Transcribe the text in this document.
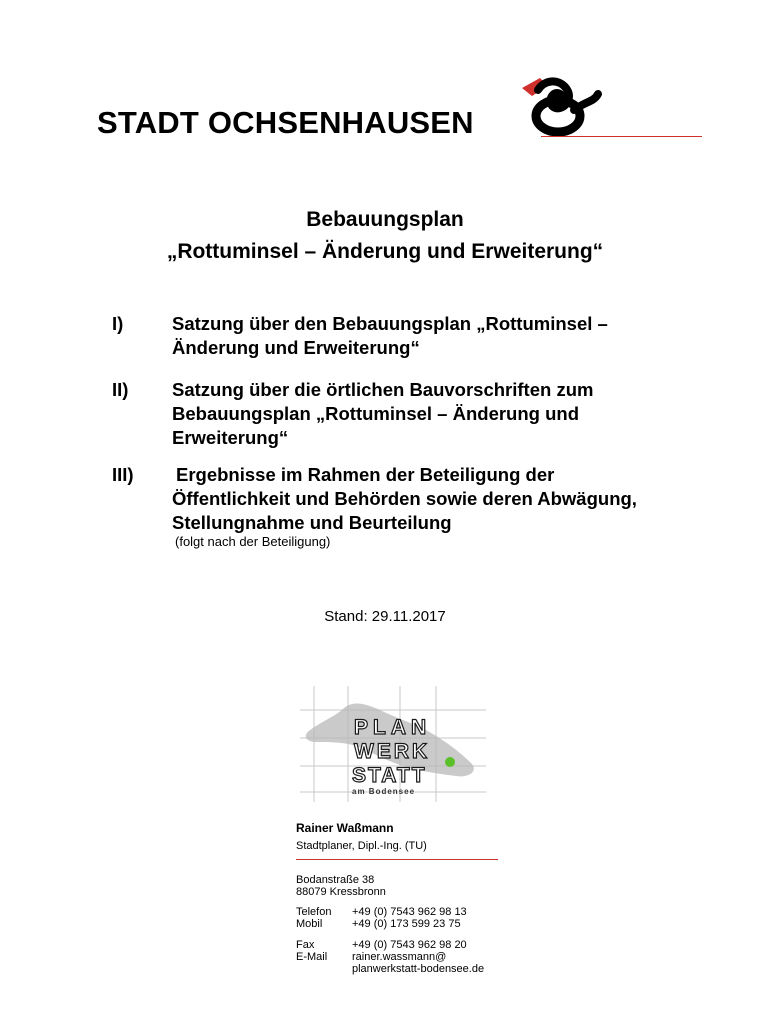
STADT OCHSENHAUSEN
Bebauungsplan
„Rottuminsel – Änderung und Erweiterung“
I)	Satzung über den Bebauungsplan „Rottuminsel –
Änderung und Erweiterung“
II) Satzung über die örtlichen Bauvorschriften zum
Bebauungsplan „Rottuminsel – Änderung und
Erweiterung“
III) Ergebnisse im Rahmen der Beteiligung der
Öffentlichkeit und Behörden sowie deren Abwägung,
Stellungnahme und Beurteilung
(folgt nach der Beteiligung)
Stand: 29.11.2017
PLAN
WERK
STATT
am Bodensee
Rainer Waßmann
Stadtplaner, Dipl.-Ing. (TU)
Bodanstraße 38
88079 Kressbronn
Telefon +49 (0) 7543 962 98 13
Mobil	+49 (0) 173 599 23 75
Fax	+49 (0) 7543 962 98 20
E-Mail rainer.wassmann@
planwerkstatt-bodensee.de
